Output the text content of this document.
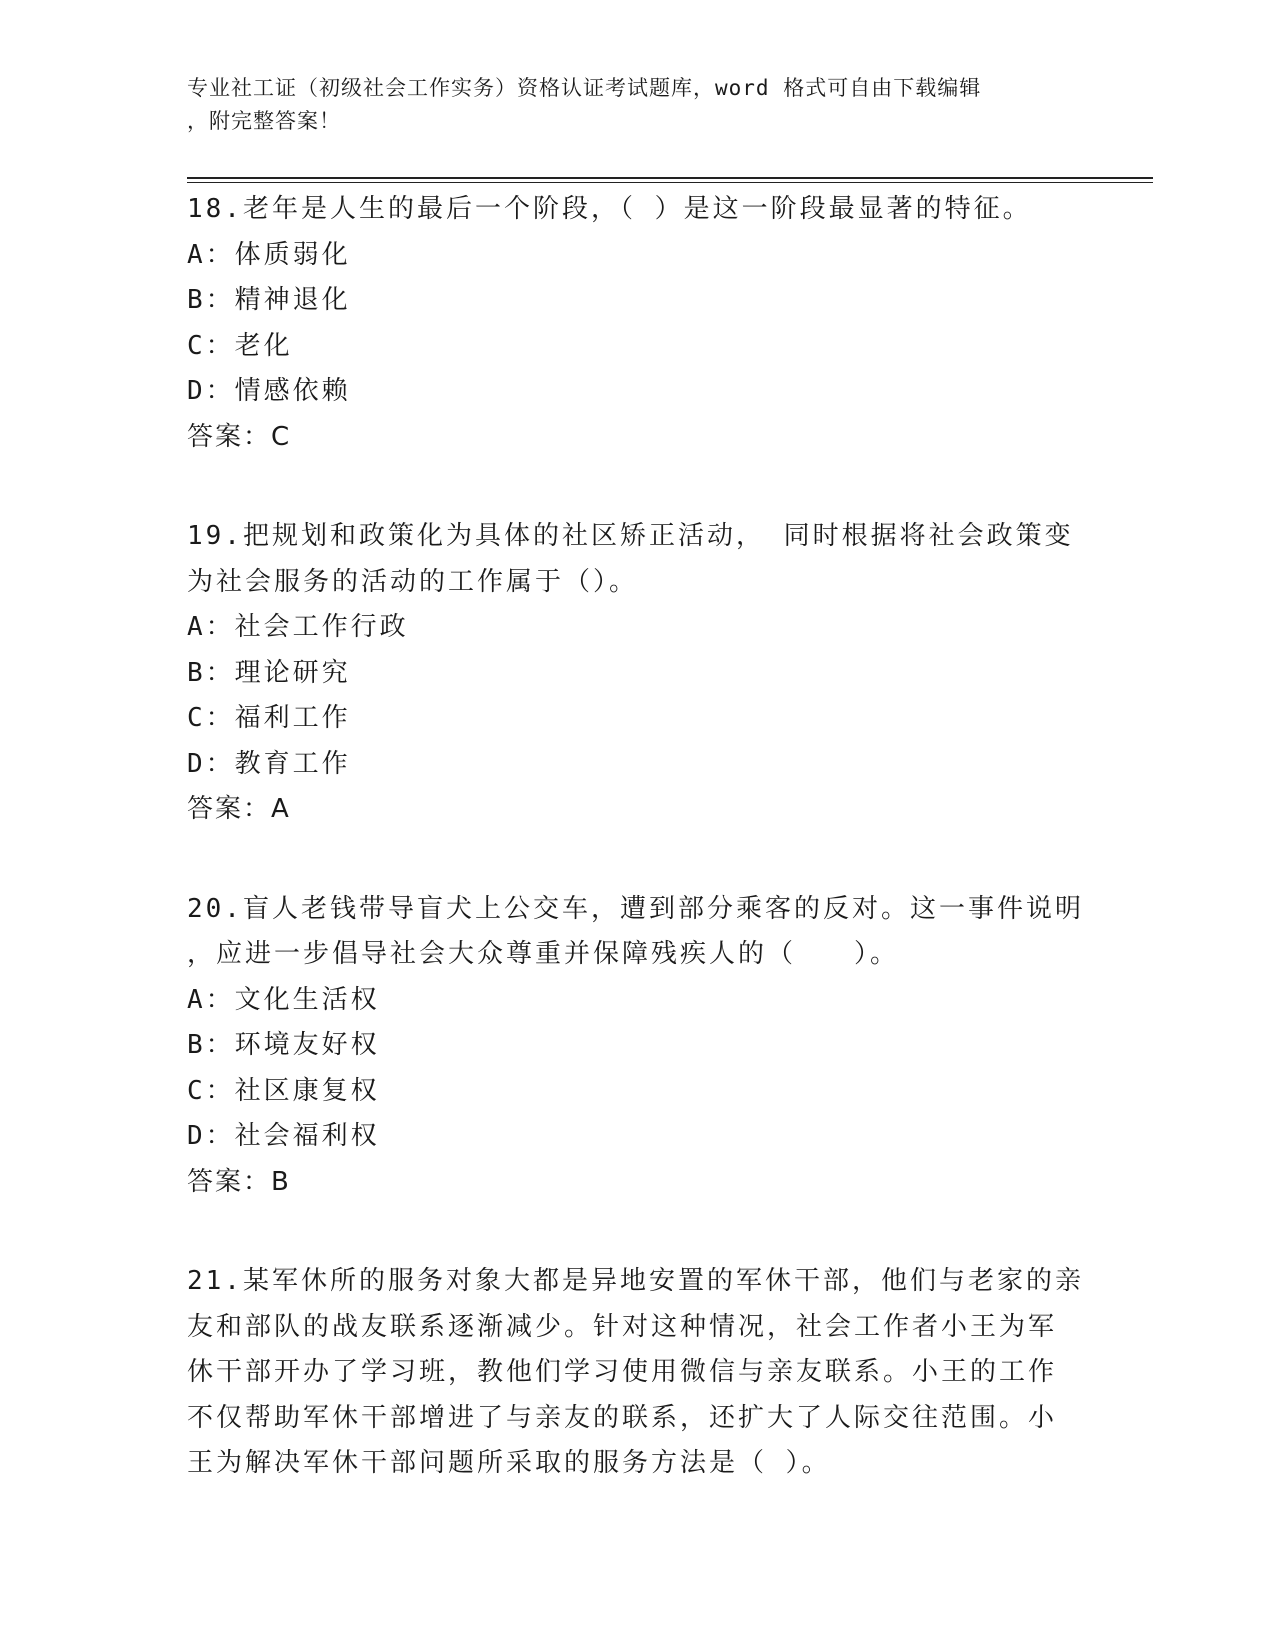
专业社工证（初级社会工作实务）资格认证考试题库，word 格式可自由下载编辑
，附完整答案！
18.老年是人生的最后一个阶段，（ ）是这一阶段最显著的特征。
A：体质弱化
B：精神退化
C：老化
D：情感依赖
答案：C
19.把规划和政策化为具体的社区矫正活动， 同时根据将社会政策变
为社会服务的活动的工作属于（）。
A：社会工作行政
B：理论研究
C：福利工作
D：教育工作
答案：A
20.盲人老钱带导盲犬上公交车，遭到部分乘客的反对。这一事件说明
，应进一步倡导社会大众尊重并保障残疾人的（　　）。
A：文化生活权
B：环境友好权
C：社区康复权
D：社会福利权
答案：B
21.某军休所的服务对象大都是异地安置的军休干部，他们与老家的亲
友和部队的战友联系逐渐减少。针对这种情况，社会工作者小王为军
休干部开办了学习班，教他们学习使用微信与亲友联系。小王的工作
不仅帮助军休干部增进了与亲友的联系，还扩大了人际交往范围。小
王为解决军休干部问题所采取的服务方法是（ ）。
